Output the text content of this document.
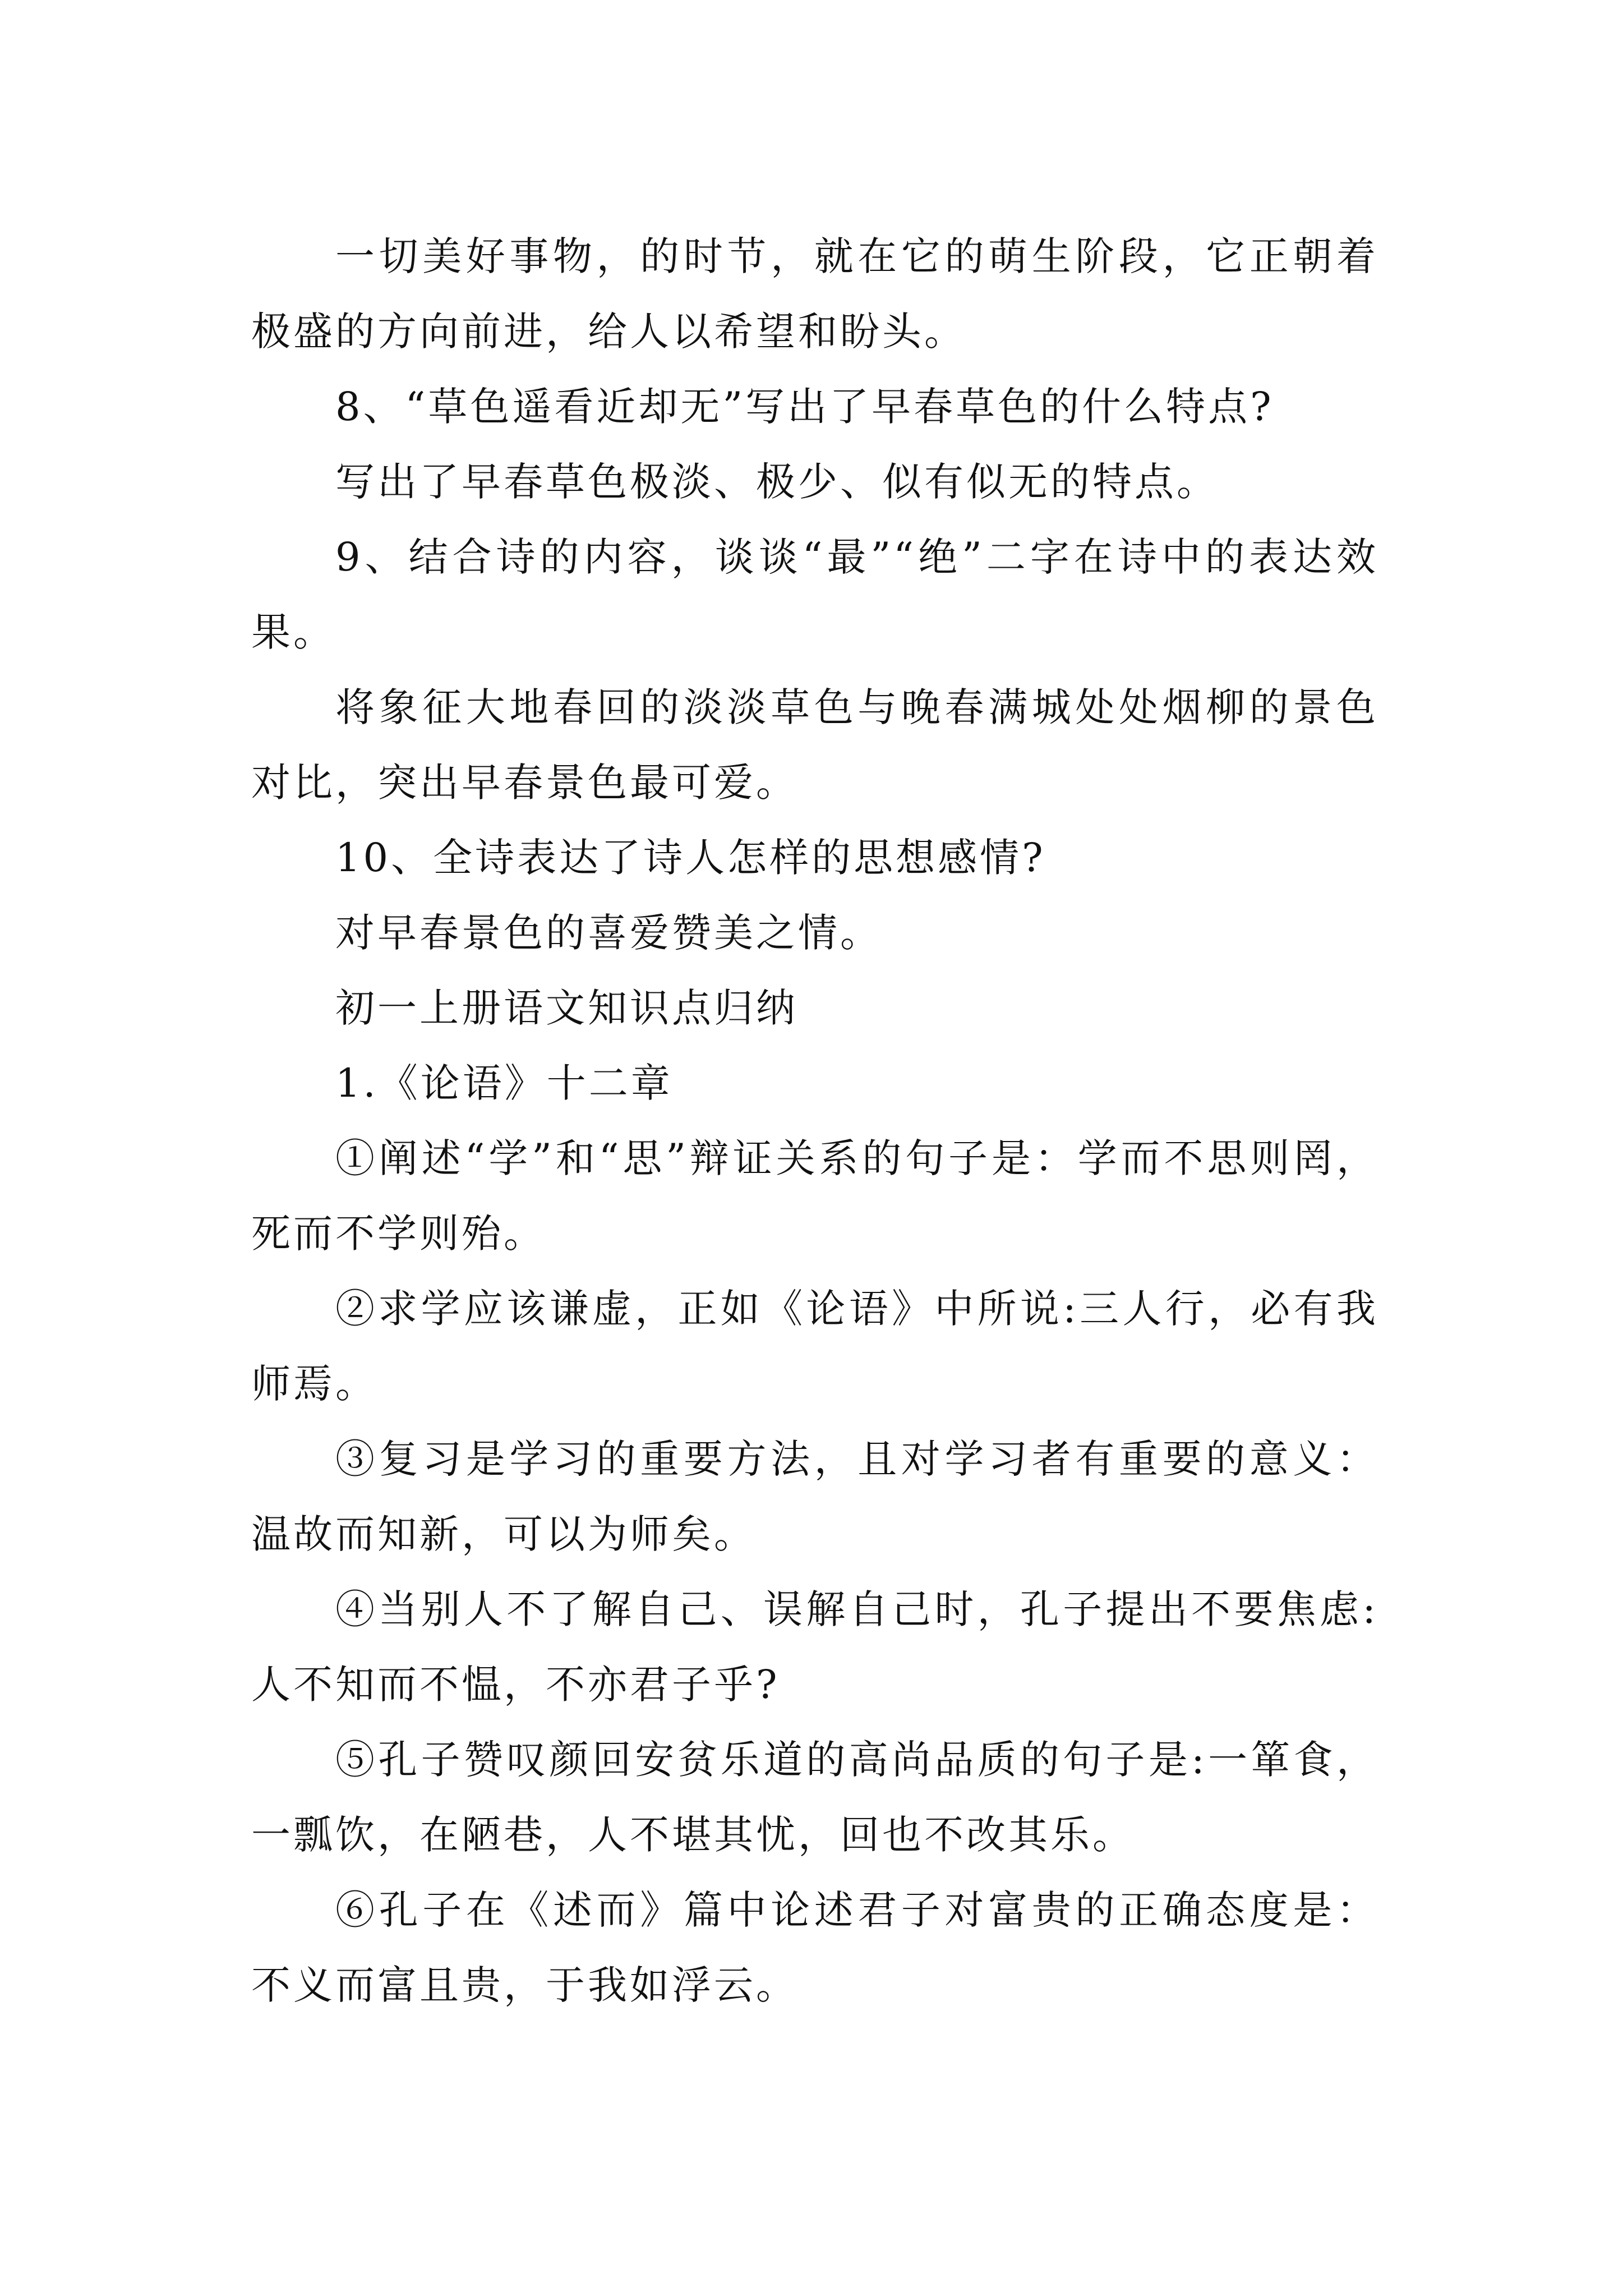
一切美好事物，的时节，就在它的萌生阶段，它正朝着极盛的方向前进，给人以希望和盼头。

8、“草色遥看近却无”写出了早春草色的什么特点?

写出了早春草色极淡、极少、似有似无的特点。

9、结合诗的内容，谈谈“最”“绝”二字在诗中的表达效果。

将象征大地春回的淡淡草色与晚春满城处处烟柳的景色对比，突出早春景色最可爱。

10、全诗表达了诗人怎样的思想感情?

对早春景色的喜爱赞美之情。

初一上册语文知识点归纳

1.《论语》十二章

①阐述“学”和“思”辩证关系的句子是：学而不思则罔，死而不学则殆。

②求学应该谦虚，正如《论语》中所说:三人行，必有我师焉。

③复习是学习的重要方法，且对学习者有重要的意义：温故而知新，可以为师矣。

④当别人不了解自己、误解自己时，孔子提出不要焦虑:人不知而不愠，不亦君子乎?

⑤孔子赞叹颜回安贫乐道的高尚品质的句子是:一箪食，一瓢饮，在陋巷，人不堪其忧，回也不改其乐。

⑥孔子在《述而》篇中论述君子对富贵的正确态度是：不义而富且贵，于我如浮云。
